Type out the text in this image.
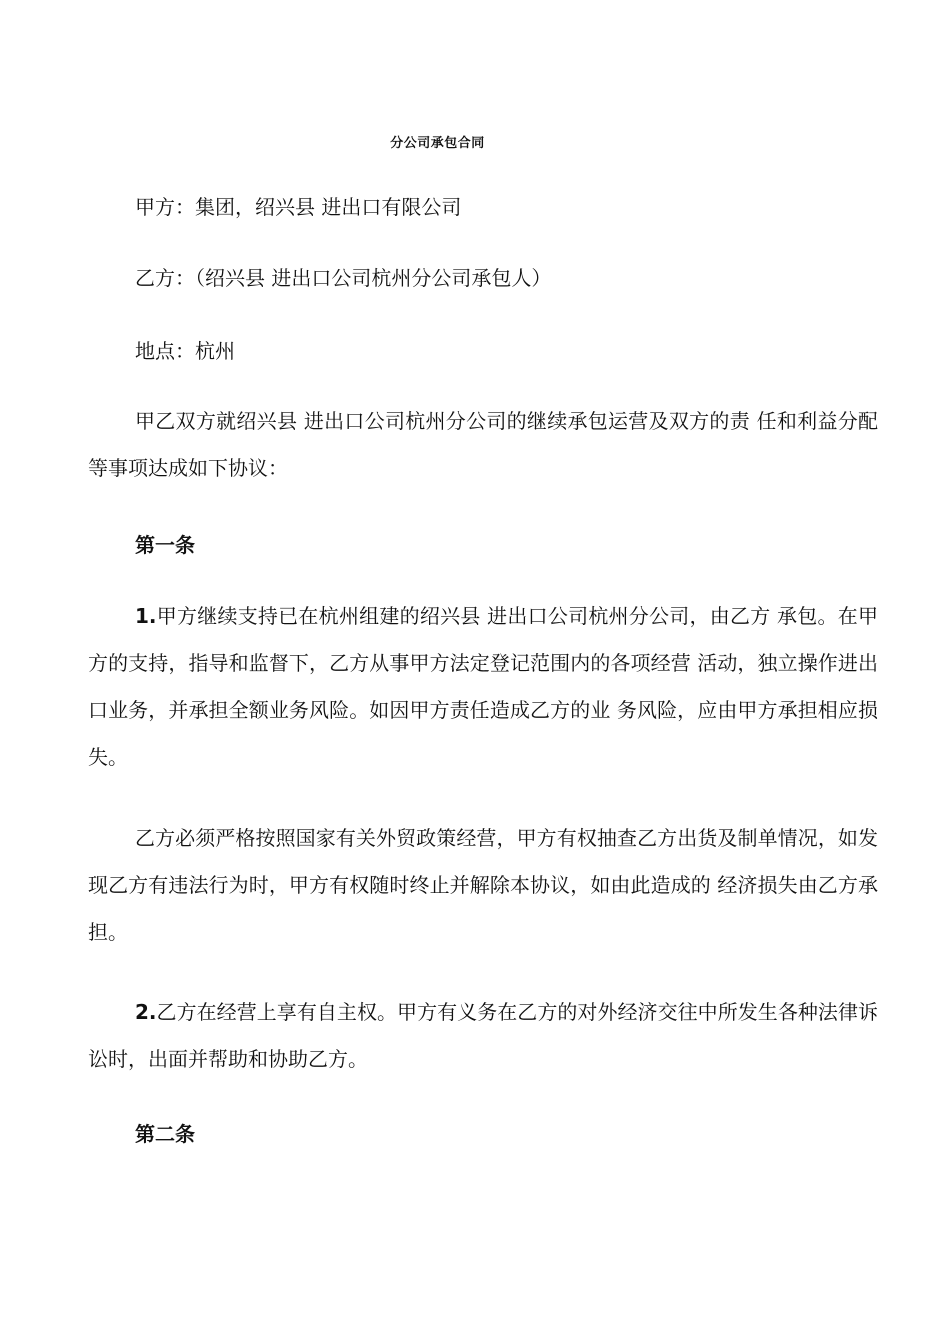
分公司承包合同
甲方：集团，绍兴县 进出口有限公司
乙方：（绍兴县 进出口公司杭州分公司承包人）
地点：杭州
甲乙双方就绍兴县 进出口公司杭州分公司的继续承包运营及双方的责 任和利益分配等事项达成如下协议：
第一条
1.甲方继续支持已在杭州组建的绍兴县 进出口公司杭州分公司，由乙方 承包。在甲方的支持，指导和监督下，乙方从事甲方法定登记范围内的各项经营 活动，独立操作进出口业务，并承担全额业务风险。如因甲方责任造成乙方的业 务风险，应由甲方承担相应损失。
乙方必须严格按照国家有关外贸政策经营，甲方有权抽查乙方出货及制单情况，如发现乙方有违法行为时，甲方有权随时终止并解除本协议，如由此造成的 经济损失由乙方承担。
2.乙方在经营上享有自主权。甲方有义务在乙方的对外经济交往中所发生各种法律诉讼时，出面并帮助和协助乙方。
第二条
